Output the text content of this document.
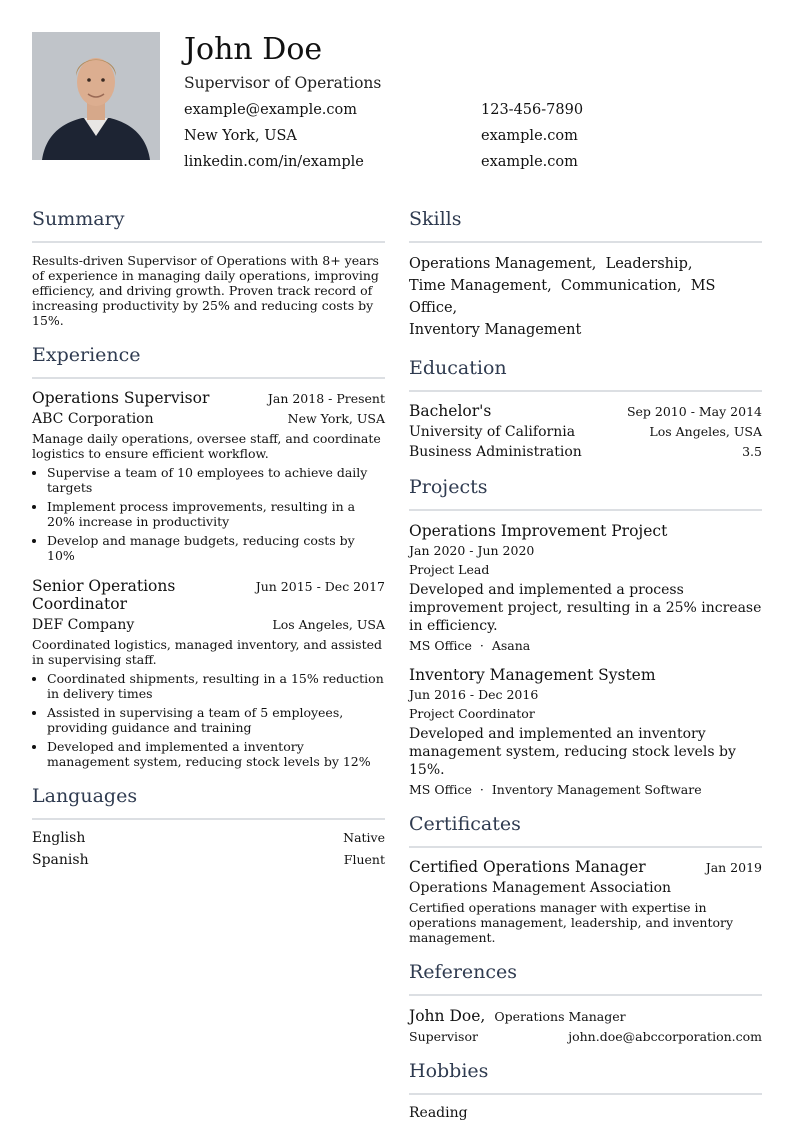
John Doe
Supervisor of Operations
example@example.com	123-456-7890
New York, USA	example.com
linkedin.com/in/example	example.com
Summary
Results-driven Supervisor of Operations with 8+ years of experience in managing daily operations, improving efficiency, and driving growth. Proven track record of increasing productivity by 25% and reducing costs by 15%.
Experience
Operations Supervisor	Jan 2018 - Present
ABC Corporation	New York, USA
Manage daily operations, oversee staff, and coordinate logistics to ensure efficient workflow.
• Supervise a team of 10 employees to achieve daily targets
• Implement process improvements, resulting in a 20% increase in productivity
• Develop and manage budgets, reducing costs by 10%
Senior Operations Coordinator
Jun 2015 - Dec 2017
DEF Company	Los Angeles, USA
Coordinated logistics, managed inventory, and assisted in supervising staff.
• Coordinated shipments, resulting in a 15% reduction in delivery times
• Assisted in supervising a team of 5 employees, providing guidance and training
• Developed and implemented a inventory management system, reducing stock levels by 12%
Languages
English	Native
Spanish	Fluent
Skills
Operations Management, Leadership,
Time Management, Communication, MS Office,
Inventory Management
Education
Bachelor's	Sep 2010 - May 2014
University of California	Los Angeles, USA
Business Administration	3.5
Projects
Operations Improvement Project
Jan 2020 - Jun 2020
Project Lead
Developed and implemented a process improvement project, resulting in a 25% increase in efficiency.
MS Office · Asana
Inventory Management System
Jun 2016 - Dec 2016
Project Coordinator
Developed and implemented an inventory management system, reducing stock levels by 15%.
MS Office · Inventory Management Software
Certificates
Certified Operations Manager	Jan 2019
Operations Management Association
Certified operations manager with expertise in operations management, leadership, and inventory management.
References
John Doe, Operations Manager
Supervisor	john.doe@abccorporation.com
Hobbies
Reading
